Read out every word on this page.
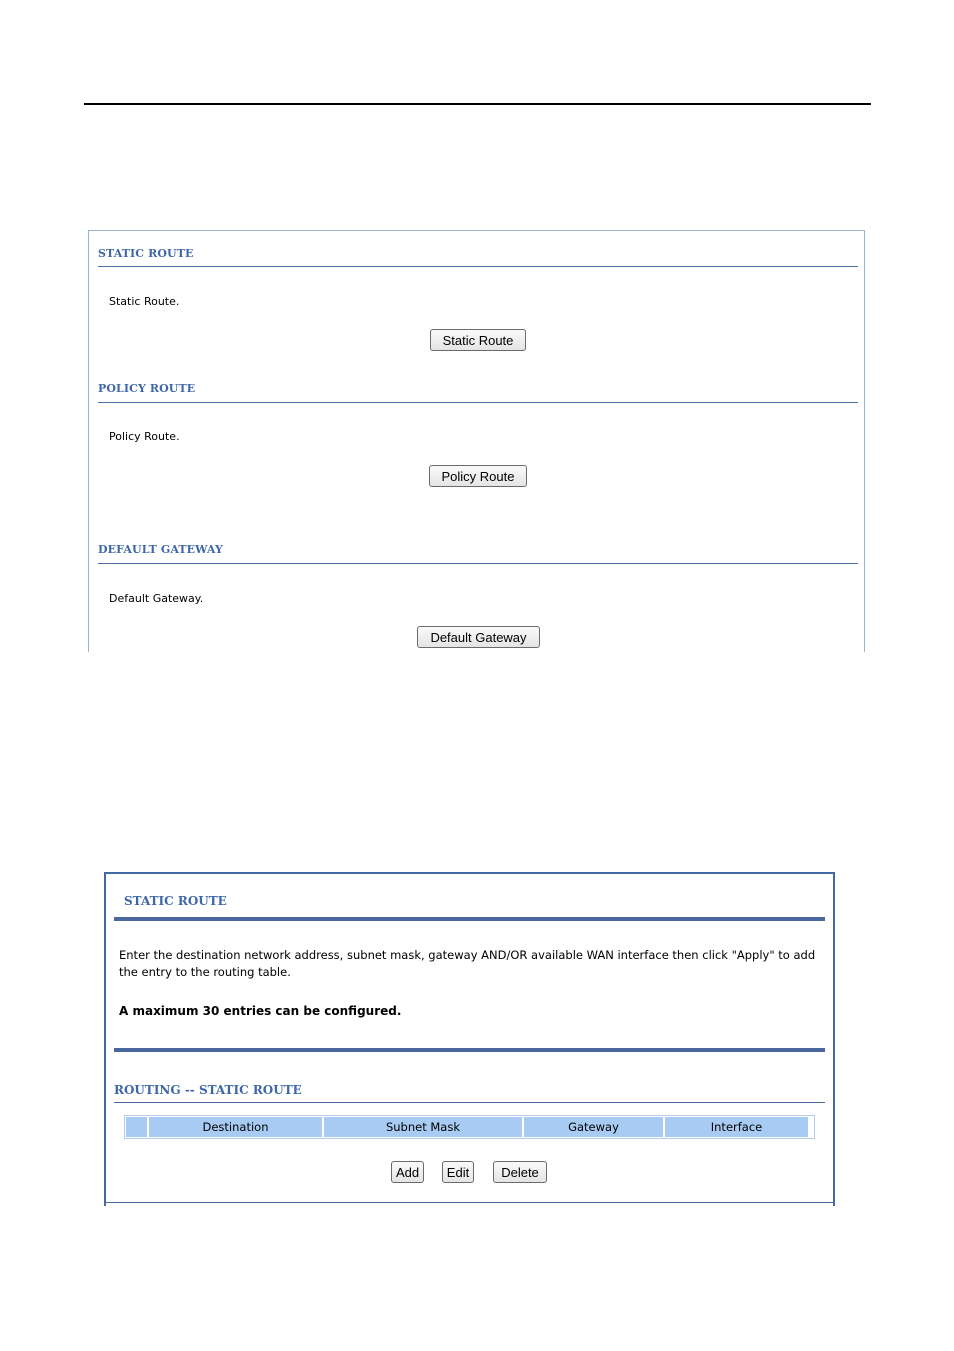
STATIC ROUTE
Static Route.
Static Route
POLICY ROUTE
Policy Route.
Policy Route
DEFAULT GATEWAY
Default Gateway.
Default Gateway
STATIC ROUTE
Enter the destination network address, subnet mask, gateway AND/OR available WAN interface then click "Apply" to add the entry to the routing table.
A maximum 30 entries can be configured.
ROUTING -- STATIC ROUTE
Destination	Subnet Mask	Gateway	Interface
Add	Edit	Delete
